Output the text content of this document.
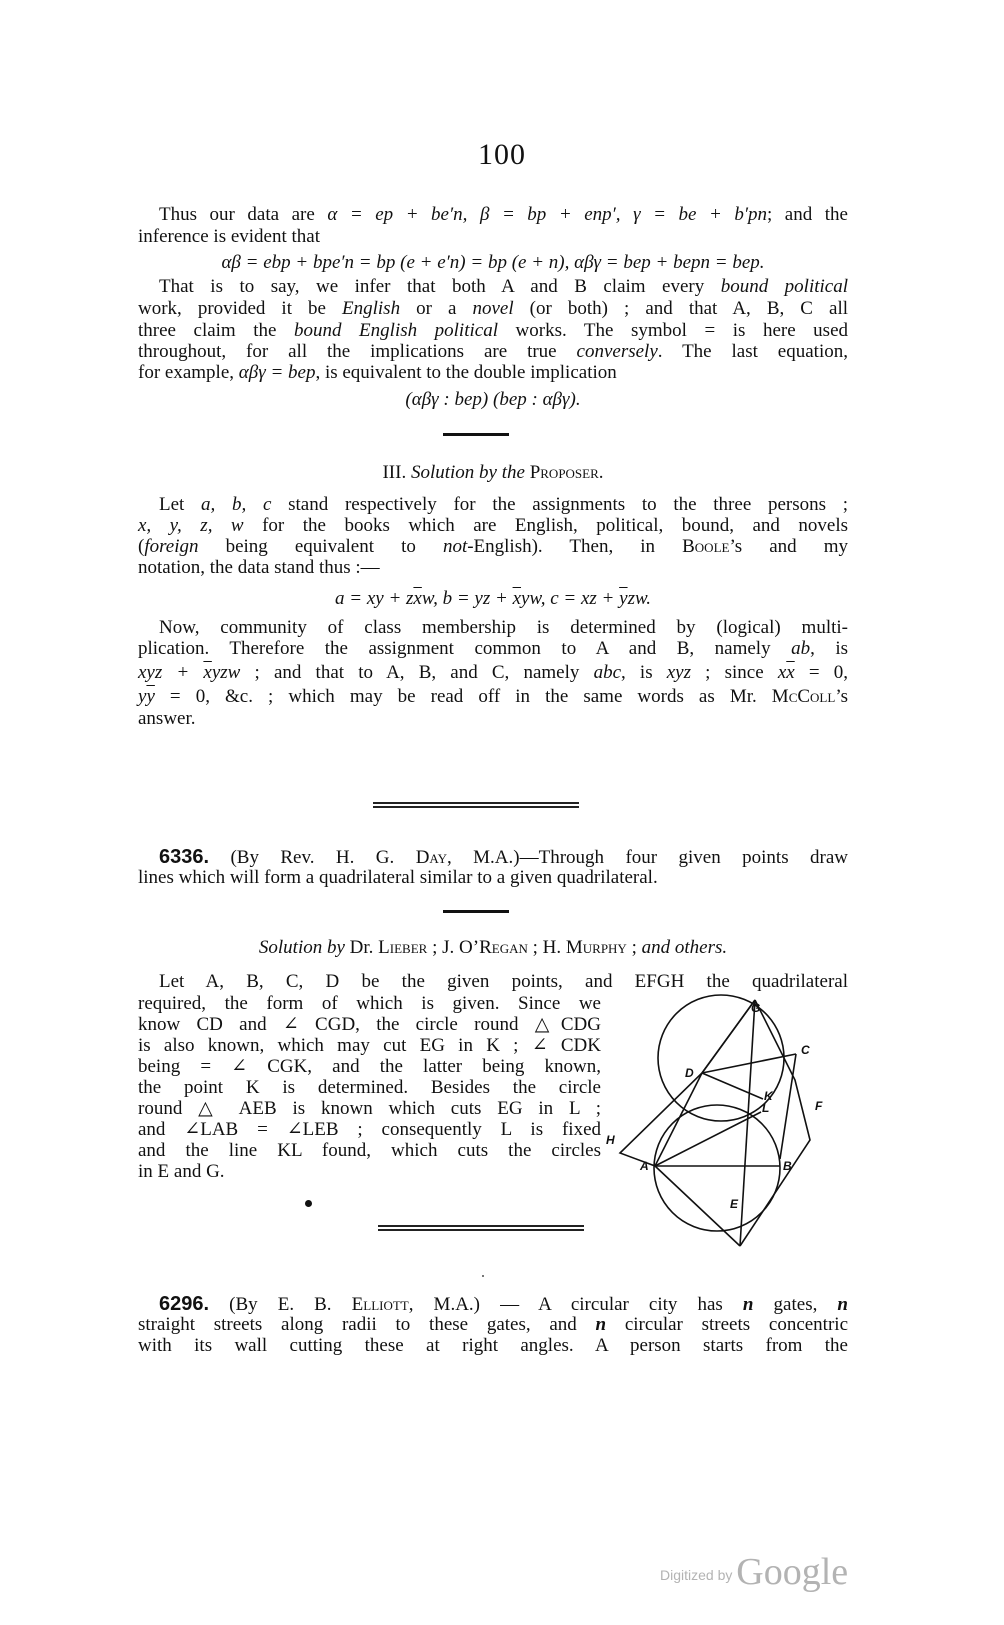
100
Thus our data are α = ep + be′n, β = bp + enp′, γ = be + b′pn; and the
inference is evident that
αβ = ebp + bpe′n = bp (e + e′n) = bp (e + n), αβγ = bep + bepn = bep.
That is to say, we infer that both A and B claim every bound political
work, provided it be English or a novel (or both) ; and that A, B, C all
three claim the bound English political works. The symbol = is here used
throughout, for all the implications are true conversely. The last equation,
for example, αβγ = bep, is equivalent to the double implication
(αβγ : bep) (bep : αβγ).
III. Solution by the Proposer.
Let a, b, c stand respectively for the assignments to the three persons ;
x, y, z, w for the books which are English, political, bound, and novels
(foreign being equivalent to not-English). Then, in Boole’s and my
notation, the data stand thus :—
a = xy + $z\overline{x}w$, b = yz + $\overline{x}yw$, c = xz + $\overline{y}zw$.
Now, community of class membership is determined by (logical) multi-
plication. Therefore the assignment common to A and B, namely ab, is
xyz + $\overline{x}yzw$ ; and that to A, B, and C, namely abc, is xyz ; since $x\overline{x} = 0$,
$y\overline{y} = 0$, &c. ; which may be read off in the same words as Mr. McColl’s
answer.
6336. (By Rev. H. G. Day, M.A.)—Through four given points draw
lines which will form a quadrilateral similar to a given quadrilateral.
Solution by Dr. Lieber ; J. O’Regan ; H. Murphy ; and others.
Let A, B, C, D be the given points, and EFGH the quadrilateral
required, the form of which is given. Since we
know CD and ∠ CGD, the circle round △CDG
is also known, which may cut EG in K ; ∠ CDK
being = ∠ CGK, and the latter being known,
the point K is determined. Besides the circle
round △ AEB is known which cuts EG in L ;
and ∠LAB = ∠LEB ; consequently L is fixed
and the line KL found, which cuts the circles
in E and G.
G
C
D
K
L	F
H
A	B
E
6296. (By E. B. Elliott, M.A.) — A circular city has n gates, n
straight streets along radii to these gates, and n circular streets concentric
with its wall cutting these at right angles. A person starts from the
Digitized by Google
